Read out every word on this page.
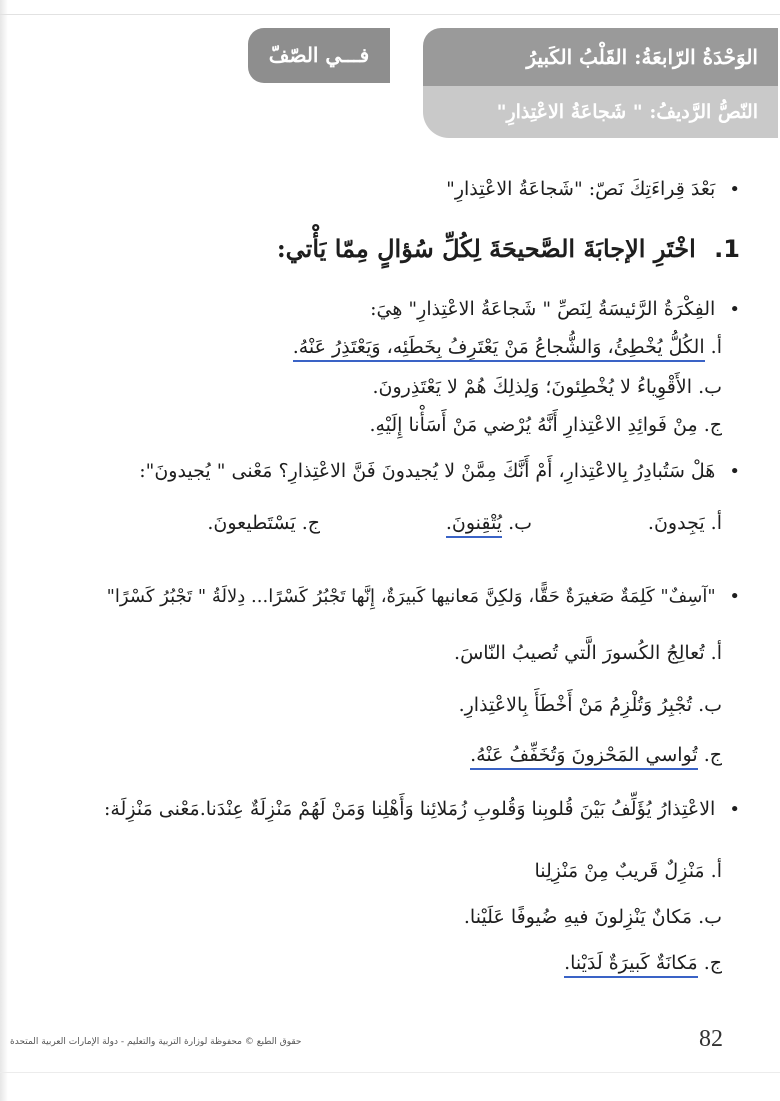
الوَحْدَةُ الرّابعَةُ: القَلْبُ الكَبيرُ
فـــي الصّفّ
النّصُّ الرَّديفُ: " شَجاعَةُ الاعْتِذارِ"
• بَعْدَ قِراءَتِكَ نَصّ: "شَجاعَةُ الاعْتِذارِ"
1. اخْتَرِ الإجابَةَ الصَّحيحَةَ لِكُلِّ سُؤالٍ مِمّا يَأْتي:
• الفِكْرَةُ الرَّئيسَةُ لِنَصِّ " شَجاعَةُ الاعْتِذارِ" هِيَ:
أ. الكُلُّ يُخْطِئُ، وَالشُّجاعُ مَنْ يَعْتَرِفُ بِخَطَئِه، وَيَعْتَذِرُ عَنْهُ.
ب. الأَقْوِياءُ لا يُخْطِئونَ؛ وَلِذلِكَ هُمْ لا يَعْتَذِرونَ.
ج. مِنْ فَوائِدِ الاعْتِذارِ أَنَّهُ يُرْضي مَنْ أَسَأْنا إِلَيْهِ.
• هَلْ سَتُبادِرُ بِالاعْتِذارِ، أَمْ أَنَّكَ مِمَّنْ لا يُجيدونَ فَنَّ الاعْتِذارِ؟ مَعْنى " يُجيدونَ":
أ. يَجِدونَ.
ب. يُتْقِنونَ.
ج. يَسْتَطيعونَ.
• "آسِفٌ" كَلِمَةٌ صَغيرَةٌ حَقًّا، وَلكِنَّ مَعانيها كَبيرَةٌ، إِنَّها تَجْبُرُ كَسْرًا... دِلالَةُ " تَجْبُرُ كَسْرًا"
أ. تُعالِجُ الكُسورَ الَّتي تُصيبُ النّاسَ.
ب. تُجْبِرُ وَتُلْزِمُ مَنْ أَخْطَأَ بِالاعْتِذارِ.
ج. تُواسي المَحْزونَ وَتُخَفِّفُ عَنْهُ.
• الاعْتِذارُ يُؤَلِّفُ بَيْنَ قُلوبِنا وَقُلوبِ زُمَلائِنا وَأَهْلِنا وَمَنْ لَهُمْ مَنْزِلَةٌ عِنْدَنا.مَعْنى مَنْزِلَة:
أ. مَنْزِلٌ قَريبٌ مِنْ مَنْزِلِنا
ب. مَكانٌ يَنْزِلونَ فيهِ ضُيوفًا عَلَيْنا.
ج. مَكانَةٌ كَبيرَةٌ لَدَيْنا.
حقوق الطبع © محفوظة لوزارة التربية والتعليم - دولة الإمارات العربية المتحدة	82
